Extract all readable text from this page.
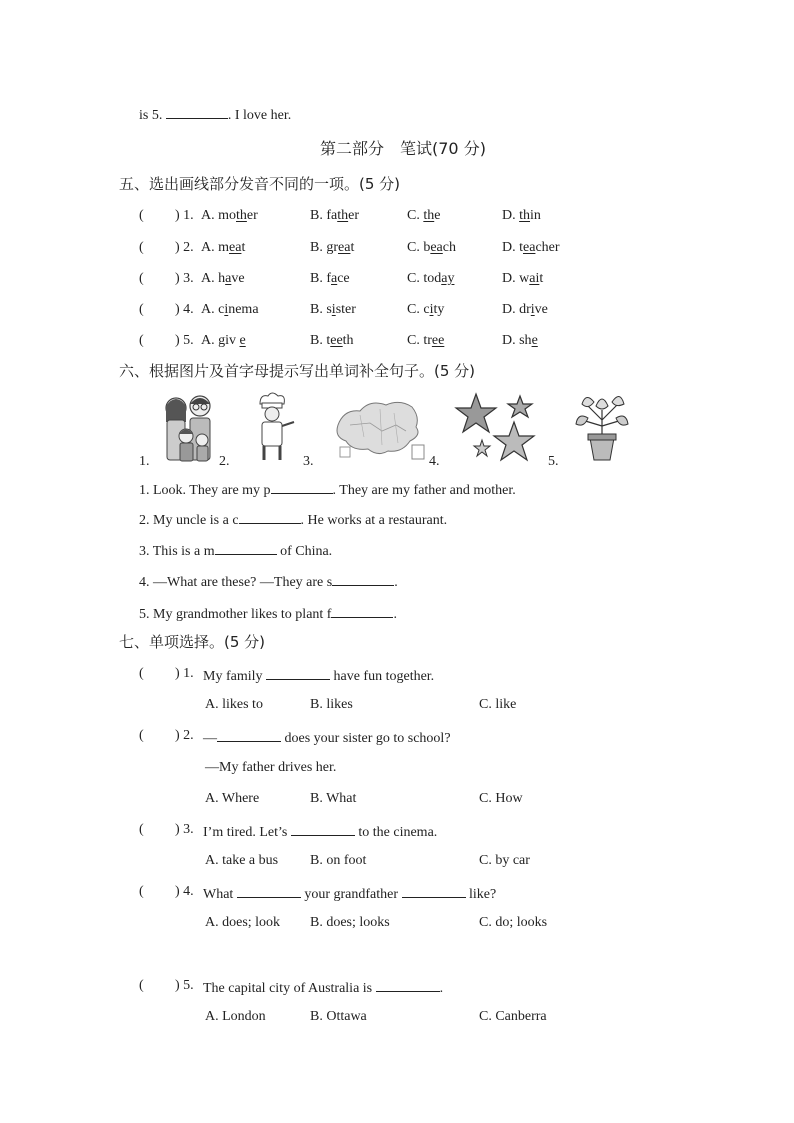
is 5.	. I love her.
第二部分　笔试(70 分)
五、选出画线部分发音不同的一项。(5 分)
( ) 1. A. mother	B. father	C. the	D. thin
( ) 2. A. meat	B. great	C. beach	D. teacher
( ) 3. A. have	B. face	C. today	D. wait
( ) 4. A. cinema	B. sister	C. city	D. drive
( ) 5. A. giv e	B. teeth	C. tree	D. she
六、根据图片及首字母提示写出单词补全句子。(5 分)
1.	2.	3.	4.	5.
1. Look. They are my p	. They are my father and mother.
2. My uncle is a c	. He works at a restaurant.
3. This is a m	of China.
4. —What are these? —They are s	.
5. My grandmother likes to plant f	.
七、单项选择。(5 分)
( ) 1. My family	have fun together.
A. likes to	B. likes	C. like
( ) 2. —	does your sister go to school?
—My father drives her.
A. Where	B. What	C. How
( ) 3. I’m tired. Let’s	to the cinema.
A. take a bus B. on foot	C. by car
( ) 4. What	your grandfather	like?
A. does; look B. does; looks	C. do; looks
( ) 5. The capital city of Australia is	.
A. London	B. Ottawa	C. Canberra
